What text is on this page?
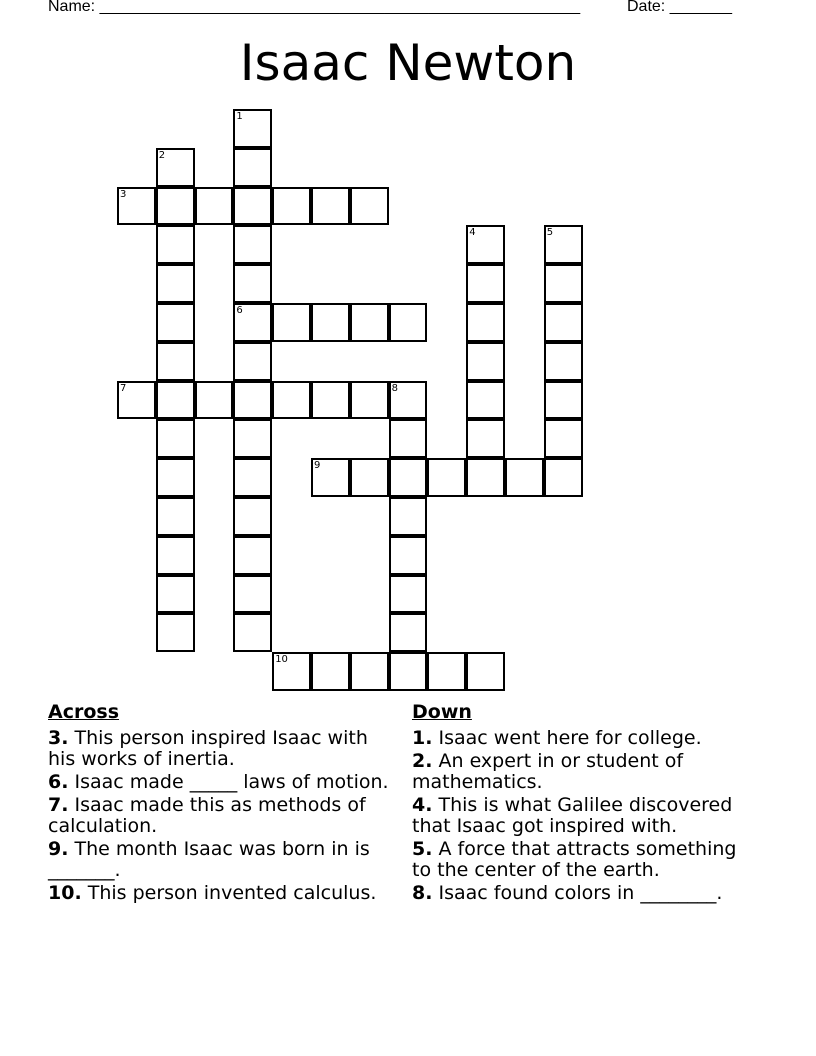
Name: ______________________________________________________	Date: _______
Isaac Newton
3
6
7	8
9
10
1
2
4	5
Across
3. This person inspired Isaac with his works of inertia.
6. Isaac made _____ laws of motion.
7. Isaac made this as methods of calculation.
9. The month Isaac was born in is _______.
10. This person invented calculus.
Down
1. Isaac went here for college.
2. An expert in or student of mathematics.
4. This is what Galilee discovered that Isaac got inspired with.
5. A force that attracts something to the center of the earth.
8. Isaac found colors in ________.
